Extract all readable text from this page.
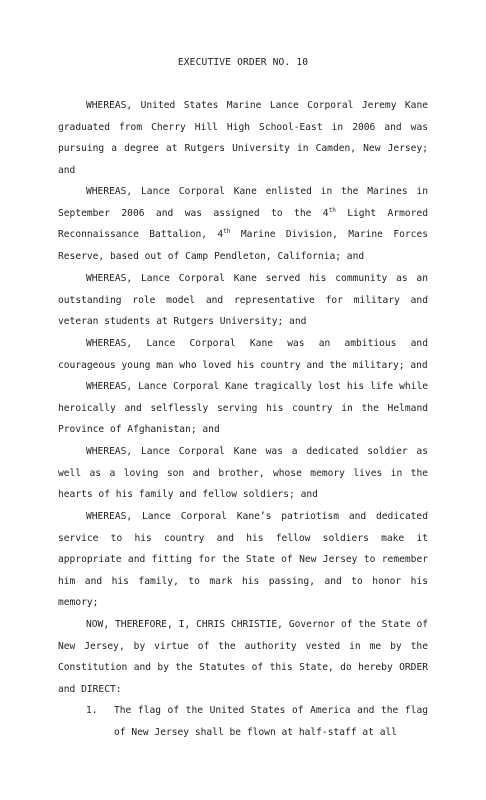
EXECUTIVE ORDER NO. 10
WHEREAS, United States Marine Lance Corporal Jeremy Kane graduated from Cherry Hill High School-East in 2006 and was pursuing a degree at Rutgers University in Camden, New Jersey; and
WHEREAS, Lance Corporal Kane enlisted in the Marines in September 2006 and was assigned to the 4th Light Armored Reconnaissance Battalion, 4th Marine Division, Marine Forces Reserve, based out of Camp Pendleton, California; and
WHEREAS, Lance Corporal Kane served his community as an outstanding role model and representative for military and veteran students at Rutgers University; and
WHEREAS, Lance Corporal Kane was an ambitious and courageous young man who loved his country and the military; and
WHEREAS, Lance Corporal Kane tragically lost his life while heroically and selflessly serving his country in the Helmand Province of Afghanistan; and
WHEREAS, Lance Corporal Kane was a dedicated soldier as well as a loving son and brother, whose memory lives in the hearts of his family and fellow soldiers; and
WHEREAS, Lance Corporal Kane’s patriotism and dedicated service to his country and his fellow soldiers make it appropriate and fitting for the State of New Jersey to remember him and his family, to mark his passing, and to honor his memory;
NOW, THEREFORE, I, CHRIS CHRISTIE, Governor of the State of New Jersey, by virtue of the authority vested in me by the Constitution and by the Statutes of this State, do hereby ORDER and DIRECT:
1. The flag of the United States of America and the flag of New Jersey shall be flown at half-staff at all
